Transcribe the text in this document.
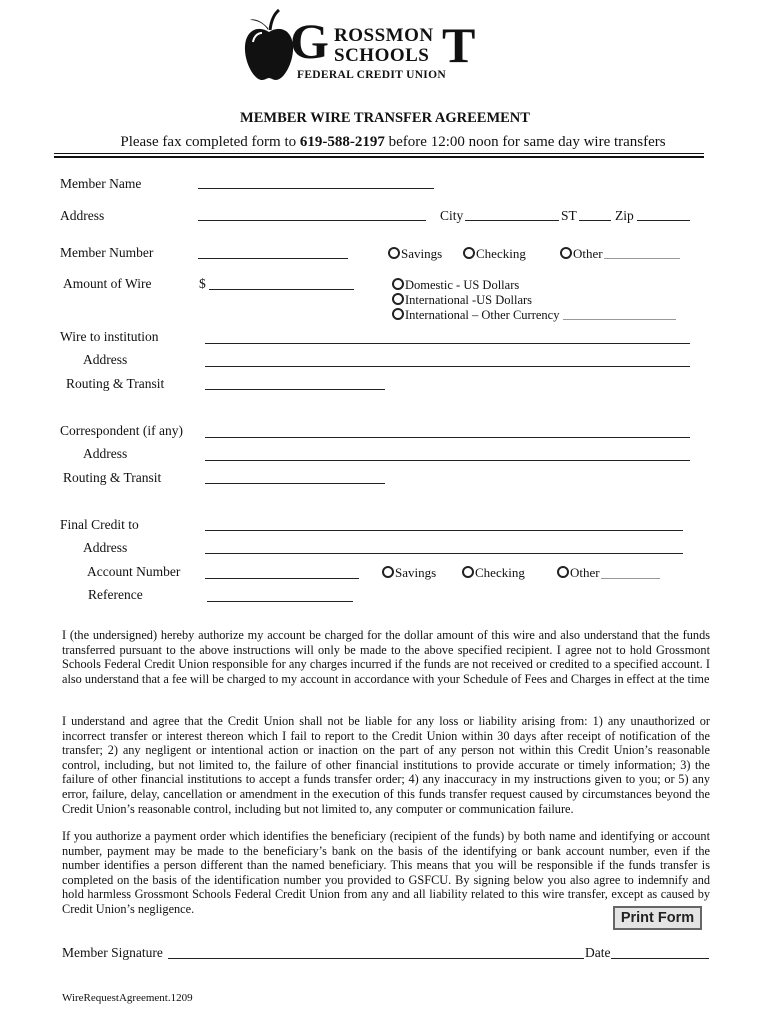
G ROSSMON
SCHOOLS T
FEDERAL CREDIT UNION
MEMBER WIRE TRANSFER AGREEMENT
Please fax completed form to 619-588-2197 before 12:00 noon for same day wire transfers
Member Name
Address	City	ST	Zip
Member Number	Savings	Checking	Other
Amount of Wire	$	Domestic - US Dollars
International -US Dollars
International – Other Currency
Wire to institution
Address
Routing & Transit
Correspondent (if any)
Address
Routing & Transit
Final Credit to
Address
Account Number	Savings	Checking	Other
Reference
I (the undersigned) hereby authorize my account be charged for the dollar amount of this wire and also understand that the funds transferred pursuant to the above instructions will only be made to the above specified recipient. I agree not to hold Grossmont Schools Federal Credit Union responsible for any charges incurred if the funds are not received or credited to a specified account. I also understand that a fee will be charged to my account in accordance with your Schedule of Fees and Charges in effect at the time
I understand and agree that the Credit Union shall not be liable for any loss or liability arising from: 1) any unauthorized or incorrect transfer or interest thereon which I fail to report to the Credit Union within 30 days after receipt of notification of the transfer; 2) any negligent or intentional action or inaction on the part of any person not within this Credit Union’s reasonable control, including, but not limited to, the failure of other financial institutions to provide accurate or timely information; 3) the failure of other financial institutions to accept a funds transfer order; 4) any inaccuracy in my instructions given to you; or 5) any error, failure, delay, cancellation or amendment in the execution of this funds transfer request caused by circumstances beyond the Credit Union’s reasonable control, including but not limited to, any computer or communication failure.
If you authorize a payment order which identifies the beneficiary (recipient of the funds) by both name and identifying or account number, payment may be made to the beneficiary’s bank on the basis of the identifying or bank account number, even if the number identifies a person different than the named beneficiary. This means that you will be responsible if the funds transfer is completed on the basis of the identification number you provided to GSFCU. By signing below you also agree to indemnify and hold harmless Grossmont Schools Federal Credit Union from any and all liability related to this wire transfer, except as caused by Credit Union’s negligence.
Print Form
Member Signature	Date
WireRequestAgreement.1209
